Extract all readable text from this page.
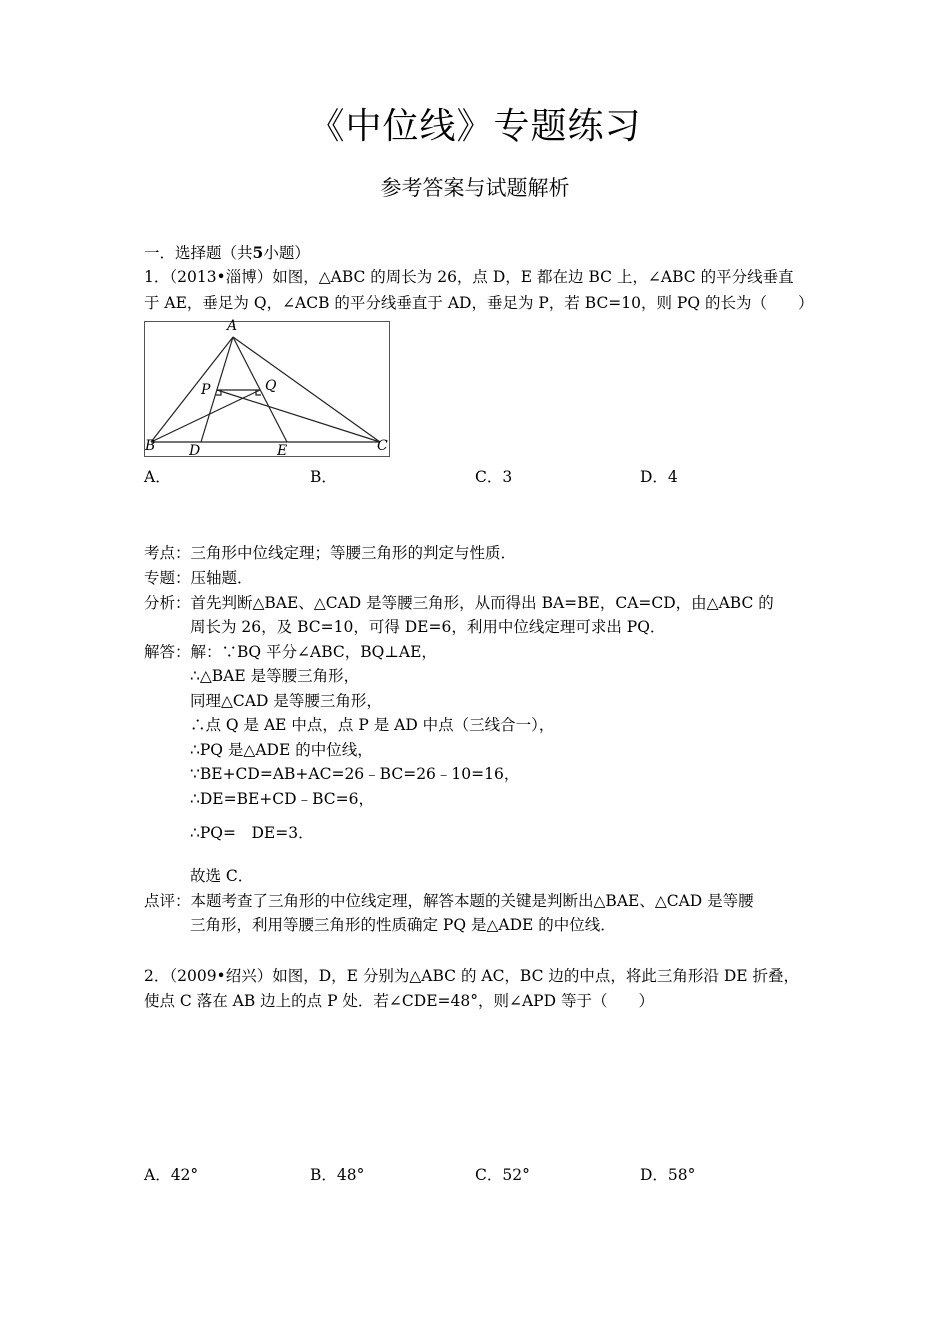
《中位线》专题练习
参考答案与试题解析
一．选择题（共5小题）
1．（2013•淄博）如图，△ABC 的周长为 26，点 D，E 都在边 BC 上，∠ABC 的平分线垂直
于 AE，垂足为 Q，∠ACB 的平分线垂直于 AD，垂足为 P，若 BC=10，则 PQ 的长为（　　）
A
P	Q
B D	E	C
A．	B．	C．3	D．4
考点：三角形中位线定理；等腰三角形的判定与性质．
专题：压轴题．
分析：首先判断△BAE、△CAD 是等腰三角形，从而得出 BA=BE，CA=CD，由△ABC 的
周长为 26，及 BC=10，可得 DE=6，利用中位线定理可求出 PQ．
解答：解：∵BQ 平分∠ABC，BQ⊥AE，
∴△BAE 是等腰三角形，
同理△CAD 是等腰三角形，
∴点 Q 是 AE 中点，点 P 是 AD 中点（三线合一），
∴PQ 是△ADE 的中位线，
∵BE+CD=AB+AC=26﹣BC=26﹣10=16，
∴DE=BE+CD﹣BC=6，
∴PQ=　DE=3．
故选 C．
点评：本题考查了三角形的中位线定理，解答本题的关键是判断出△BAE、△CAD 是等腰
三角形，利用等腰三角形的性质确定 PQ 是△ADE 的中位线．
2．（2009•绍兴）如图，D，E 分别为△ABC 的 AC，BC 边的中点，将此三角形沿 DE 折叠，
使点 C 落在 AB 边上的点 P 处．若∠CDE=48°，则∠APD 等于（　　）
A．42°	B．48°	C．52°	D．58°
